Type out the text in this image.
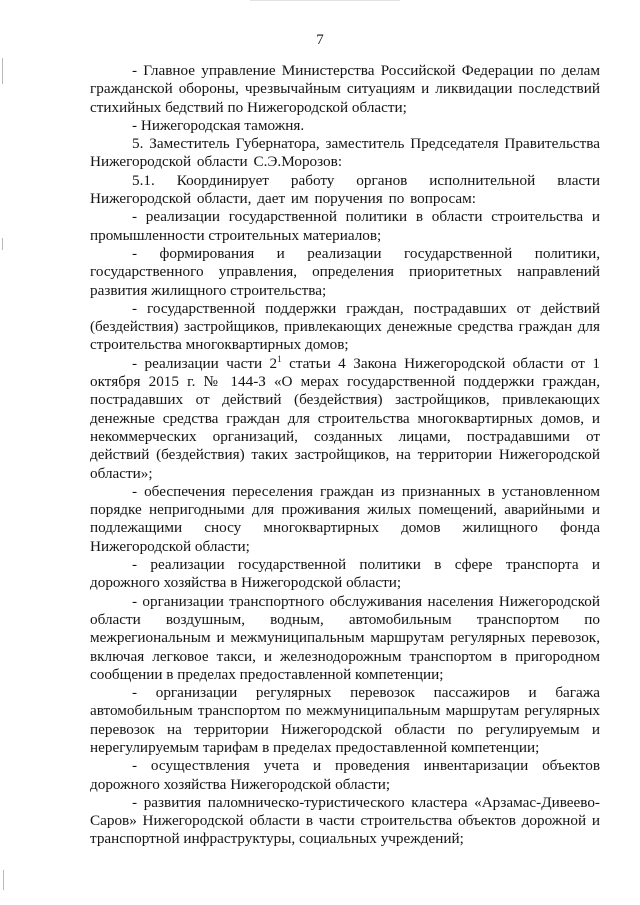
7

- Главное управление Министерства Российской Федерации по делам гражданской обороны, чрезвычайным ситуациям и ликвидации последствий стихийных бедствий по Нижегородской области;

- Нижегородская таможня.

5. Заместитель Губернатора, заместитель Председателя Правительства Нижегородской области С.Э.Морозов:

5.1. Координирует работу органов исполнительной власти Нижегородской области, дает им поручения по вопросам:

- реализации государственной политики в области строительства и промышленности строительных материалов;

- формирования и реализации государственной политики, государственного управления, определения приоритетных направлений развития жилищного строительства;

- государственной поддержки граждан, пострадавших от действий (бездействия) застройщиков, привлекающих денежные средства граждан для строительства многоквартирных домов;

- реализации части $2^1$ статьи 4 Закона Нижегородской области от 1 октября 2015 г. № 144-З «О мерах государственной поддержки граждан, пострадавших от действий (бездействия) застройщиков, привлекающих денежные средства граждан для строительства многоквартирных домов, и некоммерческих организаций, созданных лицами, пострадавшими от действий (бездействия) таких застройщиков, на территории Нижегородской области»;

- обеспечения переселения граждан из признанных в установленном порядке непригодными для проживания жилых помещений, аварийными и подлежащими сносу многоквартирных домов жилищного фонда Нижегородской области;

- реализации государственной политики в сфере транспорта и дорожного хозяйства в Нижегородской области;

- организации транспортного обслуживания населения Нижегородской области воздушным, водным, автомобильным транспортом по межрегиональным и межмуниципальным маршрутам регулярных перевозок, включая легковое такси, и железнодорожным транспортом в пригородном сообщении в пределах предоставленной компетенции;

- организации регулярных перевозок пассажиров и багажа автомобильным транспортом по межмуниципальным маршрутам регулярных перевозок на территории Нижегородской области по регулируемым и нерегулируемым тарифам в пределах предоставленной компетенции;

- осуществления учета и проведения инвентаризации объектов дорожного хозяйства Нижегородской области;

- развития паломническо-туристического кластера «Арзамас-Дивеево-Саров» Нижегородской области в части строительства объектов дорожной и транспортной инфраструктуры, социальных учреждений;
